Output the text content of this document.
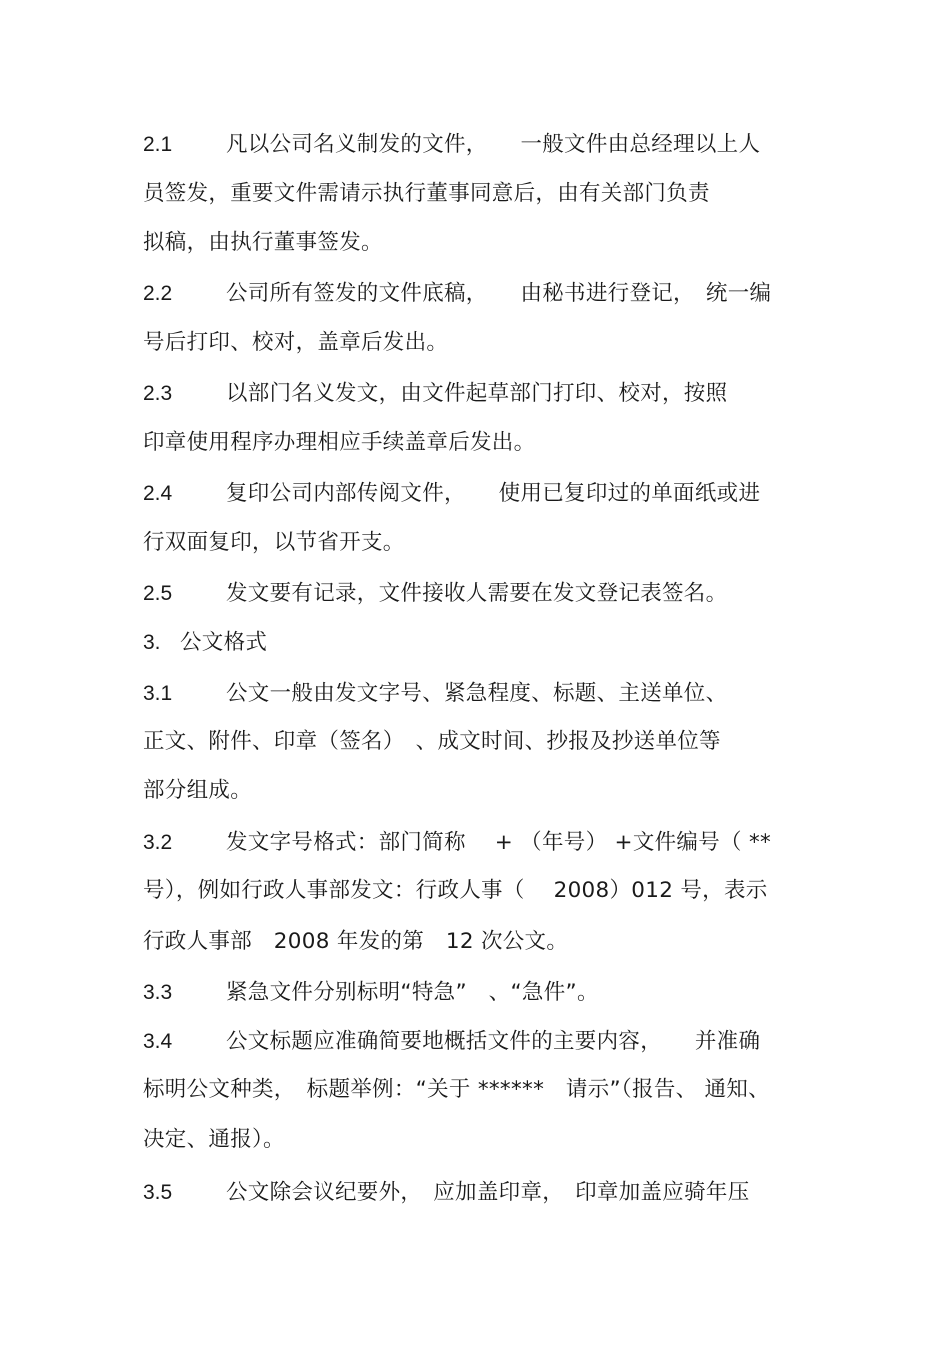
2.1	凡以公司名义制发的文件，　　一般文件由总经理以上人
员签发，重要文件需请示执行董事同意后，由有关部门负责
拟稿，由执行董事签发。
2.2	公司所有签发的文件底稿，　　由秘书进行登记，　统一编
号后打印、校对，盖章后发出。
2.3	以部门名义发文，由文件起草部门打印、校对，按照
印章使用程序办理相应手续盖章后发出。
2.4	复印公司内部传阅文件，　　使用已复印过的单面纸或进
行双面复印，以节省开支。
2.5	发文要有记录，文件接收人需要在发文登记表签名。
3. 公文格式
3.1	公文一般由发文字号、紧急程度、标题、主送单位、
正文、附件、印章（签名）　、成文时间、抄报及抄送单位等
部分组成。
3.2	发文字号格式：部门简称　 + （年号） +文件编号（ **
号），例如行政人事部发文：行政人事（　 2008）012 号，表示
行政人事部　2008 年发的第　12 次公文。
3.3	紧急文件分别标明“特急”　、“急件”。
3.4	公文标题应准确简要地概括文件的主要内容，　　并准确
标明公文种类，　标题举例：“关于 ******　请示”（报告、 通知、
决定、通报）。
3.5	公文除会议纪要外，　应加盖印章，　印章加盖应骑年压
